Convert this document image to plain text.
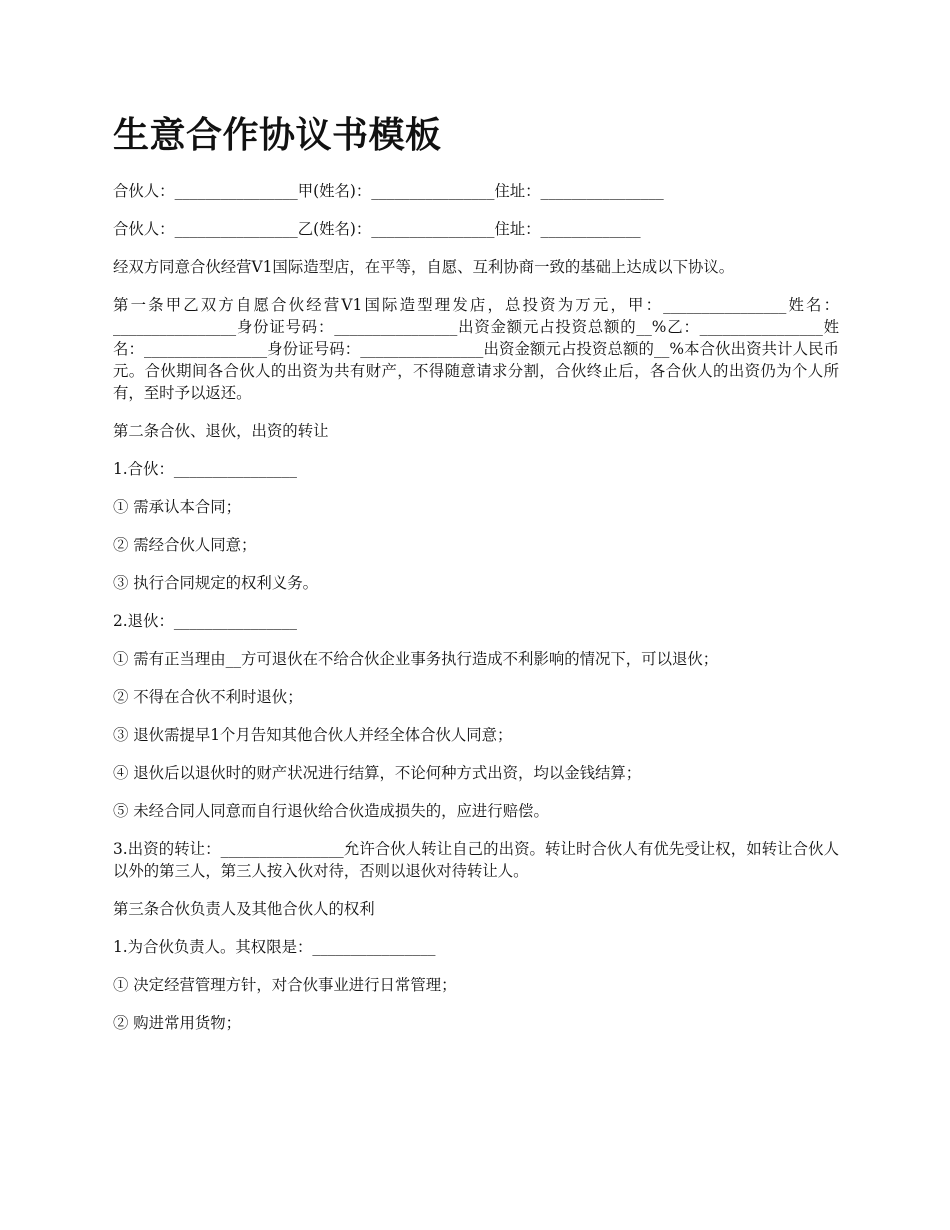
生意合作协议书模板

合伙人：________________甲(姓名)：________________住址：________________

合伙人：________________乙(姓名)：________________住址：_____________

经双方同意合伙经营V1国际造型店，在平等，自愿、互利协商一致的基础上达成以下协议。

第一条甲乙双方自愿合伙经营V1国际造型理发店，总投资为万元，甲：________________姓名：________________身份证号码：________________出资金额元占投资总额的__%乙：________________姓名：________________身份证号码：________________出资金额元占投资总额的__%本合伙出资共计人民币元。合伙期间各合伙人的出资为共有财产，不得随意请求分割，合伙终止后，各合伙人的出资仍为个人所有，至时予以返还。

第二条合伙、退伙，出资的转让

1.合伙：________________

① 需承认本合同；

② 需经合伙人同意；

③ 执行合同规定的权利义务。

2.退伙：________________

① 需有正当理由__方可退伙在不给合伙企业事务执行造成不利影响的情况下，可以退伙；

② 不得在合伙不利时退伙；

③ 退伙需提早1个月告知其他合伙人并经全体合伙人同意；

④ 退伙后以退伙时的财产状况进行结算，不论何种方式出资，均以金钱结算；

⑤ 未经合同人同意而自行退伙给合伙造成损失的，应进行赔偿。

3.出资的转让：________________允许合伙人转让自己的出资。转让时合伙人有优先受让权，如转让合伙人以外的第三人，第三人按入伙对待，否则以退伙对待转让人。

第三条合伙负责人及其他合伙人的权利

1.为合伙负责人。其权限是：________________

① 决定经营管理方针，对合伙事业进行日常管理；

② 购进常用货物；
